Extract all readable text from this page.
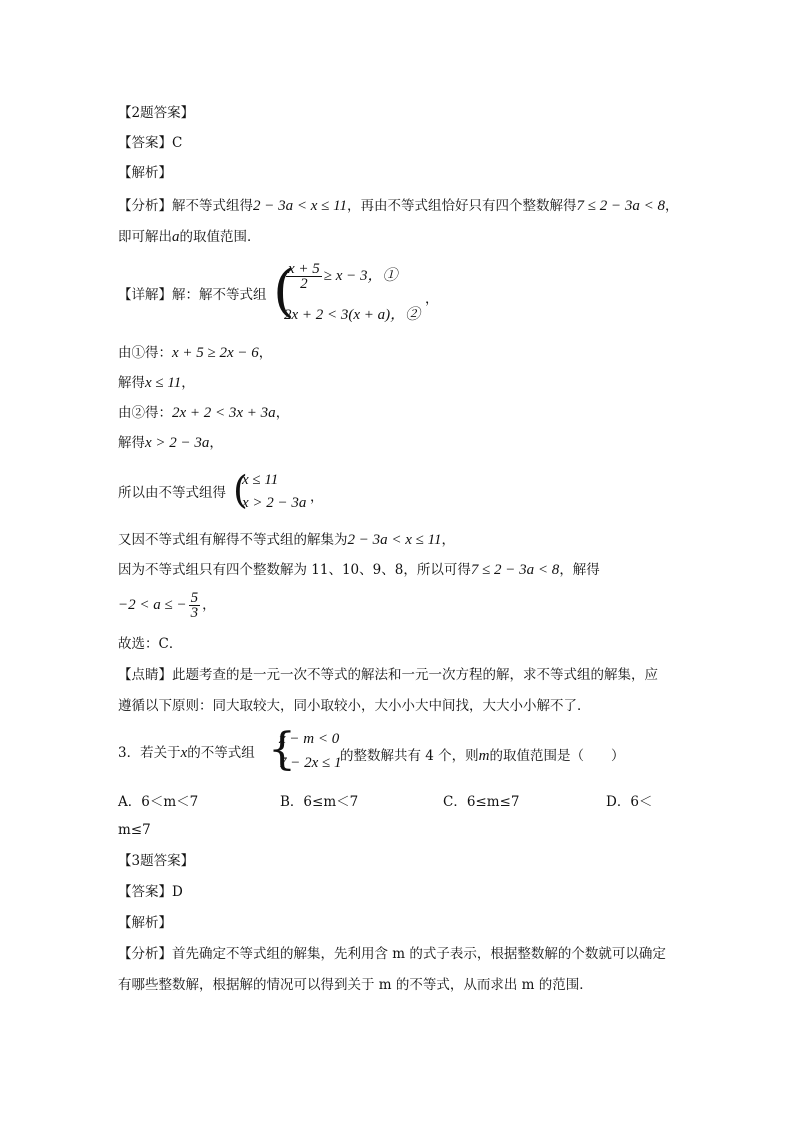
【2题答案】
【答案】C
【解析】
【分析】解不等式组得2 − 3a < x ≤ 11，再由不等式组恰好只有四个整数解得7 ≤ 2 − 3a < 8，
即可解出a的取值范围．
【详解】解：解不等式组 (
$\frac{x + 5}{2} \ge x - 3$，①
2x + 2 < 3(x + a)，②
，
由①得：x + 5 ≥ 2x − 6，
解得x ≤ 11，
由②得：2x + 2 < 3x + 3a，
解得x > 2 − 3a，
所以由不等式组得 (
x ≤ 11
x > 2 − 3a ，
又因不等式组有解得不等式组的解集为2 − 3a < x ≤ 11，
因为不等式组只有四个整数解为 11、10、9、8，所以可得7 ≤ 2 − 3a < 8，解得
−2 < a ≤ − $\frac{5}{3}$ ，
故选：C．
【点睛】此题考查的是一元一次不等式的解法和一元一次方程的解，求不等式组的解集，应
遵循以下原则：同大取较大，同小取较小，大小小大中间找，大大小小解不了．
3．若关于x的不等式组 {
x − m < 0
7 − 2x ≤ 1
的整数解共有 4 个，则m的取值范围是（　　）
A．6＜m＜7	B．6≤m＜7	C．6≤m≤7	D．6＜
m≤7
【3题答案】
【答案】D
【解析】
【分析】首先确定不等式组的解集，先利用含 m 的式子表示，根据整数解的个数就可以确定
有哪些整数解，根据解的情况可以得到关于 m 的不等式，从而求出 m 的范围．
